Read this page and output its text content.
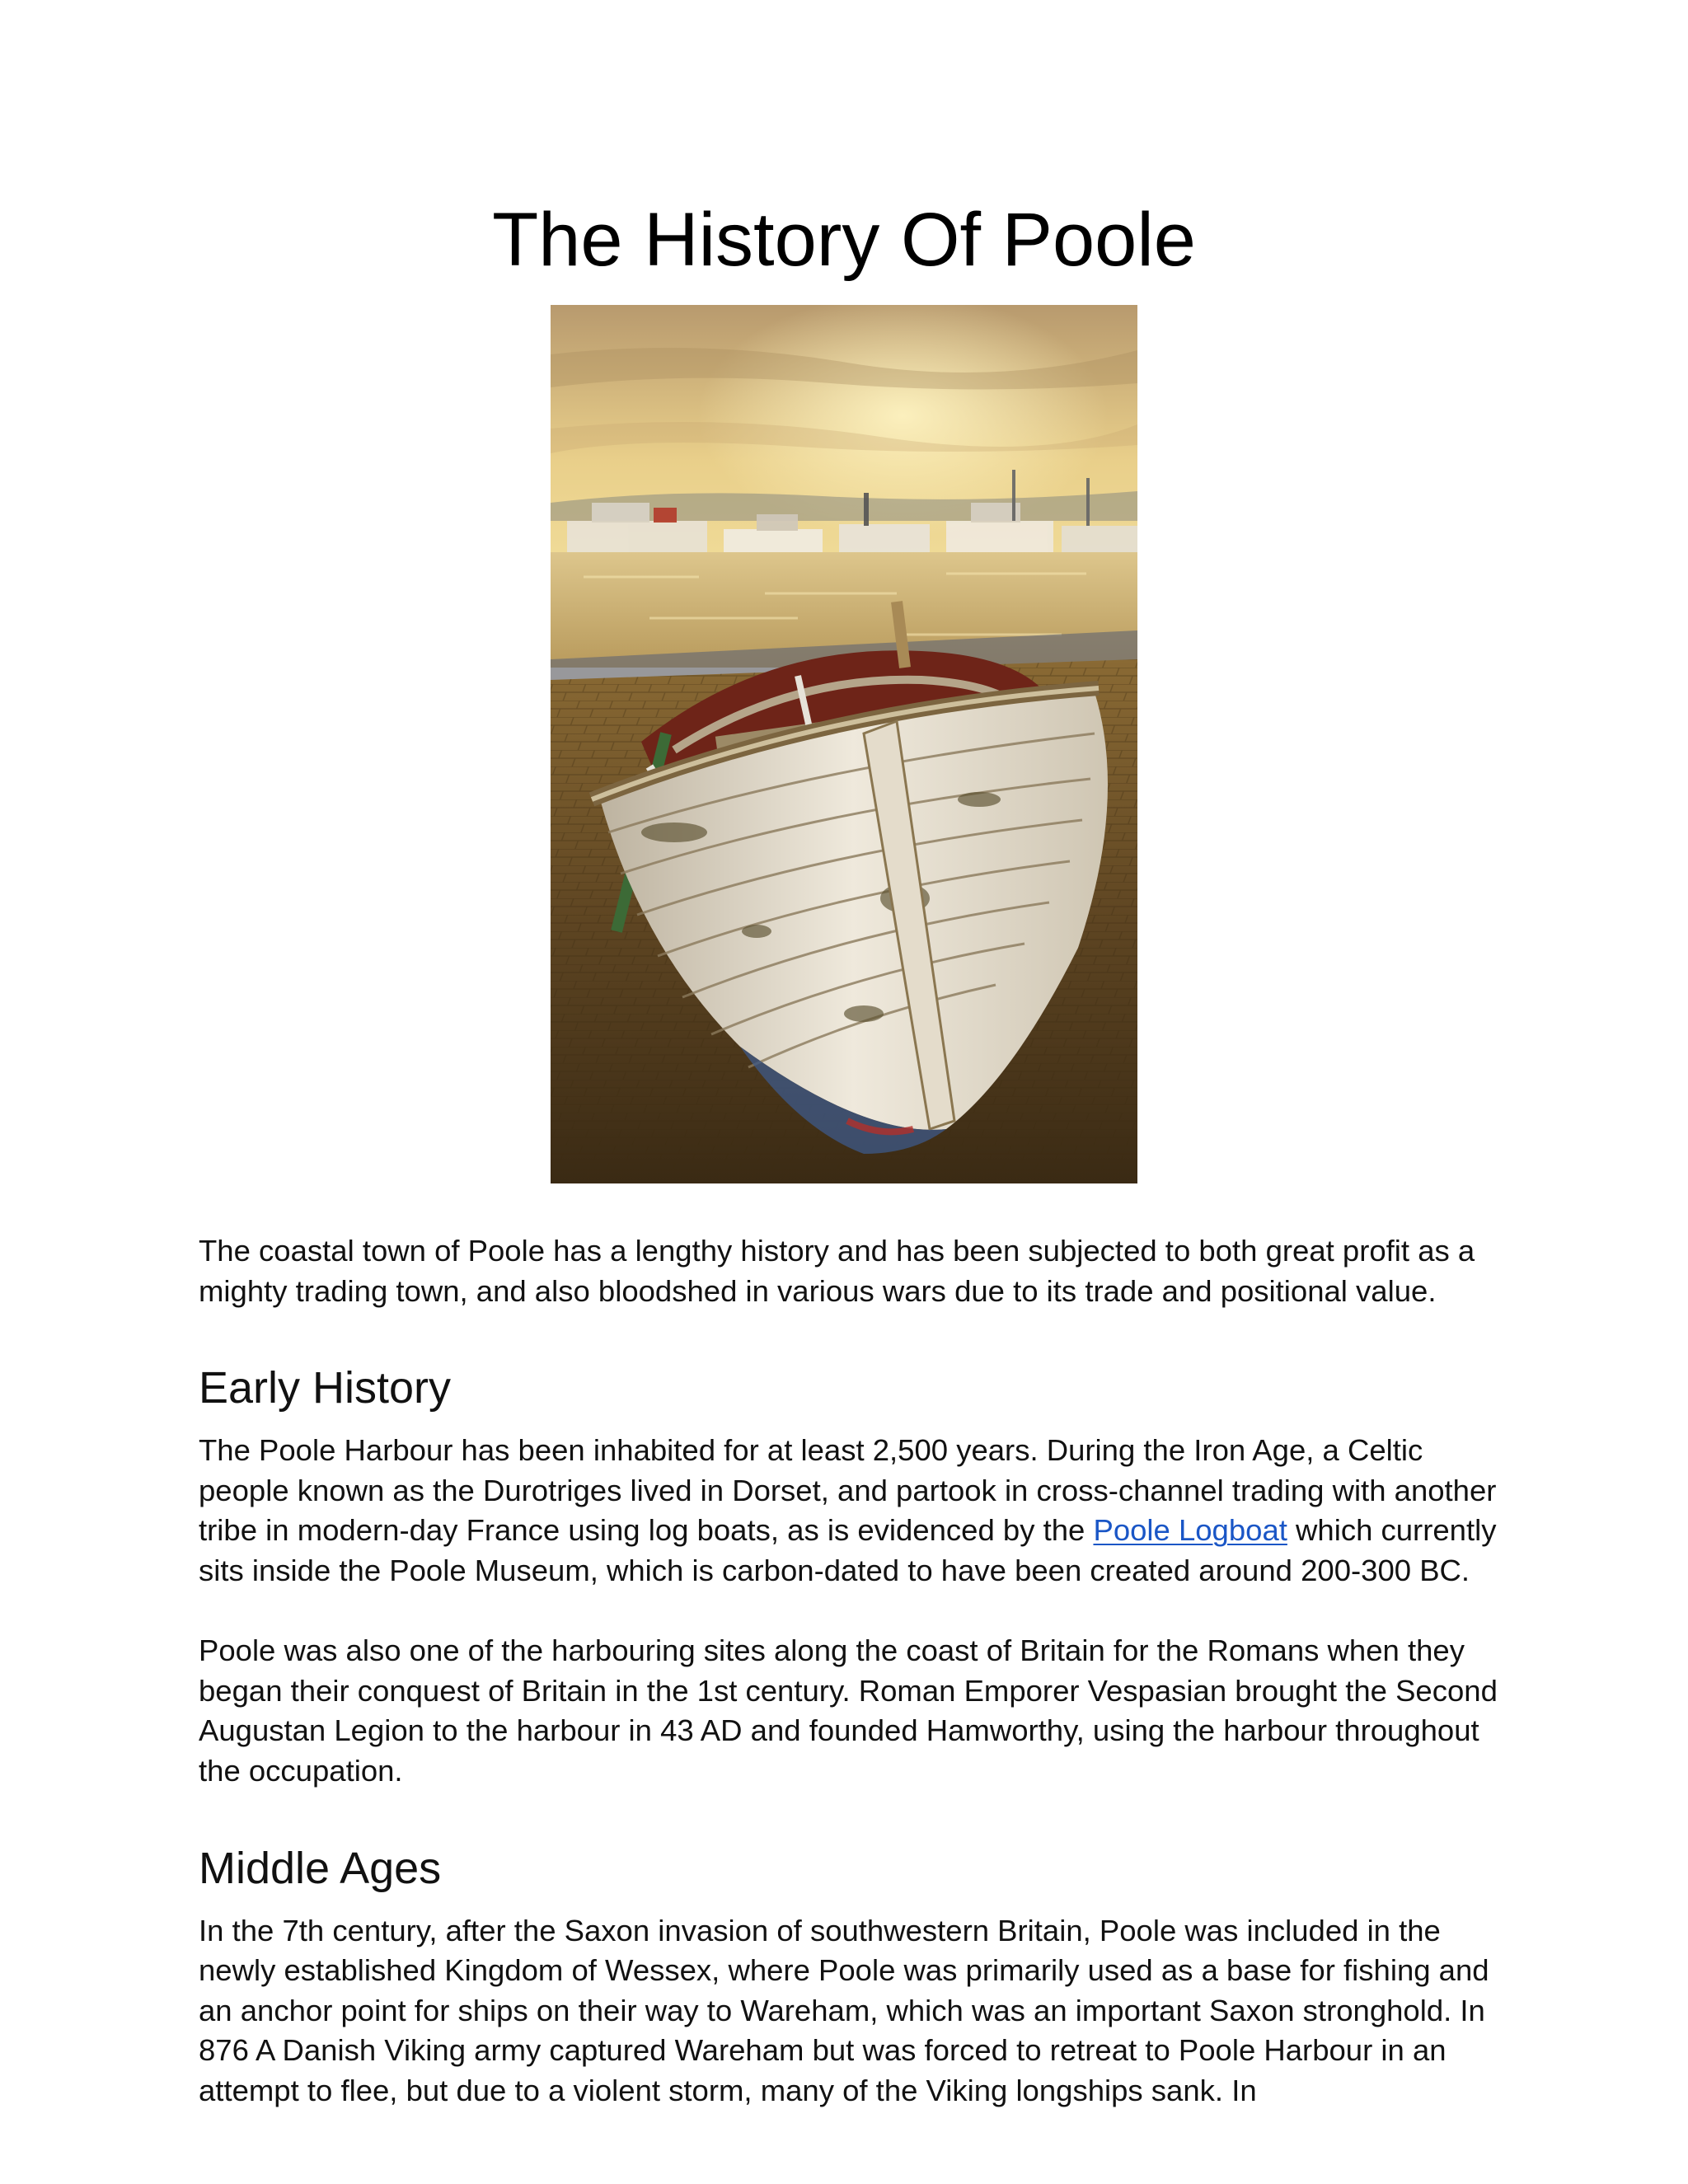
The History Of Poole

The coastal town of Poole has a lengthy history and has been subjected to both great profit as a mighty trading town, and also bloodshed in various wars due to its trade and positional value.

Early History

The Poole Harbour has been inhabited for at least 2,500 years. During the Iron Age, a Celtic people known as the Durotriges lived in Dorset, and partook in cross-channel trading with another tribe in modern-day France using log boats, as is evidenced by the Poole Logboat which currently sits inside the Poole Museum, which is carbon-dated to have been created around 200-300 BC.

Poole was also one of the harbouring sites along the coast of Britain for the Romans when they began their conquest of Britain in the 1st century. Roman Emporer Vespasian brought the Second Augustan Legion to the harbour in 43 AD and founded Hamworthy, using the harbour throughout the occupation.

Middle Ages

In the 7th century, after the Saxon invasion of southwestern Britain, Poole was included in the newly established Kingdom of Wessex, where Poole was primarily used as a base for fishing and an anchor point for ships on their way to Wareham, which was an important Saxon stronghold. In 876 A Danish Viking army captured Wareham but was forced to retreat to Poole Harbour in an attempt to flee, but due to a violent storm, many of the Viking longships sank. In
